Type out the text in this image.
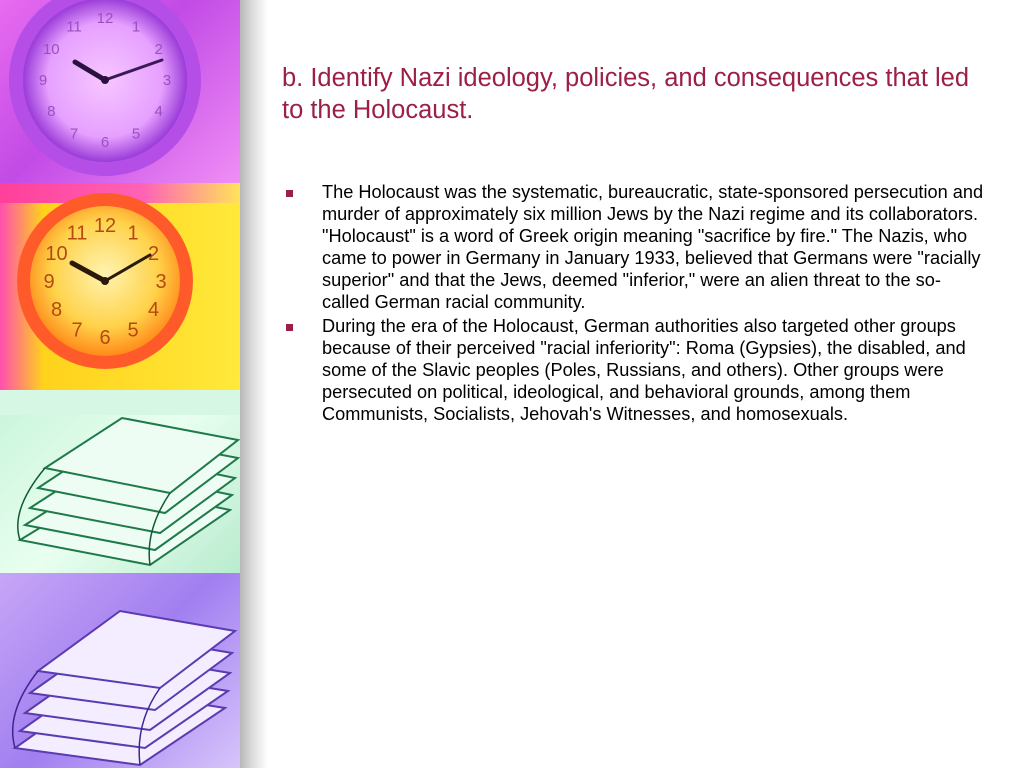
12 1
2
3
4
5
6
7
8
9
10
11
12 1
2
3
4
5
6
7
8
9
10
11
b. Identify Nazi ideology, policies, and consequences that led to the Holocaust.
The Holocaust was the systematic, bureaucratic, state-sponsored persecution and murder of approximately six million Jews by the Nazi regime and its collaborators. "Holocaust" is a word of Greek origin meaning "sacrifice by fire." The Nazis, who came to power in Germany in January 1933, believed that Germans were "racially superior" and that the Jews, deemed "inferior," were an alien threat to the so-called German racial community.
During the era of the Holocaust, German authorities also targeted other groups because of their perceived "racial inferiority": Roma (Gypsies), the disabled, and some of the Slavic peoples (Poles, Russians, and others). Other groups were persecuted on political, ideological, and behavioral grounds, among them Communists, Socialists, Jehovah's Witnesses, and homosexuals.
